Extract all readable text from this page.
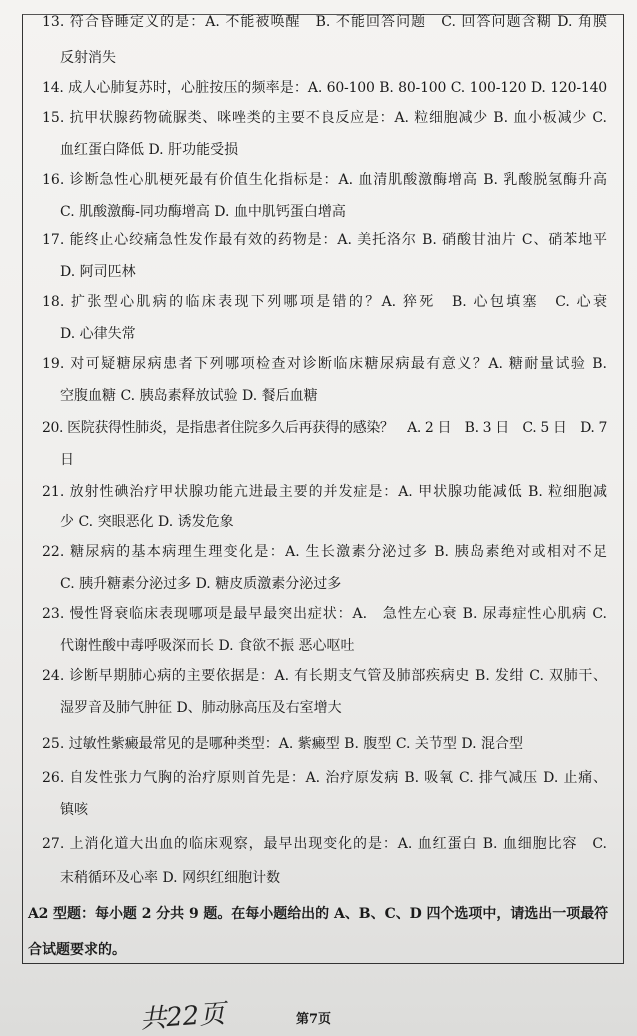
13. 符合昏睡定义的是：A. 不能被唤醒　B. 不能回答问题　C. 回答问题含糊 D. 角膜
反射消失
14. 成人心肺复苏时，心脏按压的频率是：A. 60-100 B. 80-100 C. 100-120 D. 120-140
15. 抗甲状腺药物硫脲类、咪唑类的主要不良反应是：A. 粒细胞减少 B. 血小板减少 C.
血红蛋白降低 D. 肝功能受损
16. 诊断急性心肌梗死最有价值生化指标是：A. 血清肌酸激酶增高 B. 乳酸脱氢酶升高
C. 肌酸激酶-同功酶增高 D. 血中肌钙蛋白增高
17. 能终止心绞痛急性发作最有效的药物是：A. 美托洛尔 B. 硝酸甘油片 C、硝苯地平
D. 阿司匹林
18. 扩张型心肌病的临床表现下列哪项是错的？A. 猝死　B. 心包填塞　C. 心衰
D. 心律失常
19. 对可疑糖尿病患者下列哪项检查对诊断临床糖尿病最有意义？A. 糖耐量试验 B.
空腹血糖 C. 胰岛素释放试验 D. 餐后血糖
20. 医院获得性肺炎，是指患者住院多久后再获得的感染？　A. 2 日　B. 3 日　C. 5 日　D. 7
日
21. 放射性碘治疗甲状腺功能亢进最主要的并发症是：A. 甲状腺功能减低 B. 粒细胞减
少 C. 突眼恶化 D. 诱发危象
22. 糖尿病的基本病理生理变化是：A. 生长激素分泌过多 B. 胰岛素绝对或相对不足
C. 胰升糖素分泌过多 D. 糖皮质激素分泌过多
23. 慢性肾衰临床表现哪项是最早最突出症状：A.　急性左心衰 B. 尿毒症性心肌病 C.
代谢性酸中毒呼吸深而长 D. 食欲不振 恶心呕吐
24. 诊断早期肺心病的主要依据是：A. 有长期支气管及肺部疾病史 B. 发绀 C. 双肺干、
湿罗音及肺气肿征 D、肺动脉高压及右室增大
25. 过敏性紫癜最常见的是哪种类型：A. 紫癜型 B. 腹型 C. 关节型 D. 混合型
26. 自发性张力气胸的治疗原则首先是：A. 治疗原发病 B. 吸氧 C. 排气减压 D. 止痛、
镇咳
27. 上消化道大出血的临床观察，最早出现变化的是：A. 血红蛋白 B. 血细胞比容　C.
末稍循环及心率 D. 网织红细胞计数
A2 型题：每小题 2 分共 9 题。在每小题给出的 A、B、C、D 四个选项中，请选出一项最符
合试题要求的。
共22页	第7页
